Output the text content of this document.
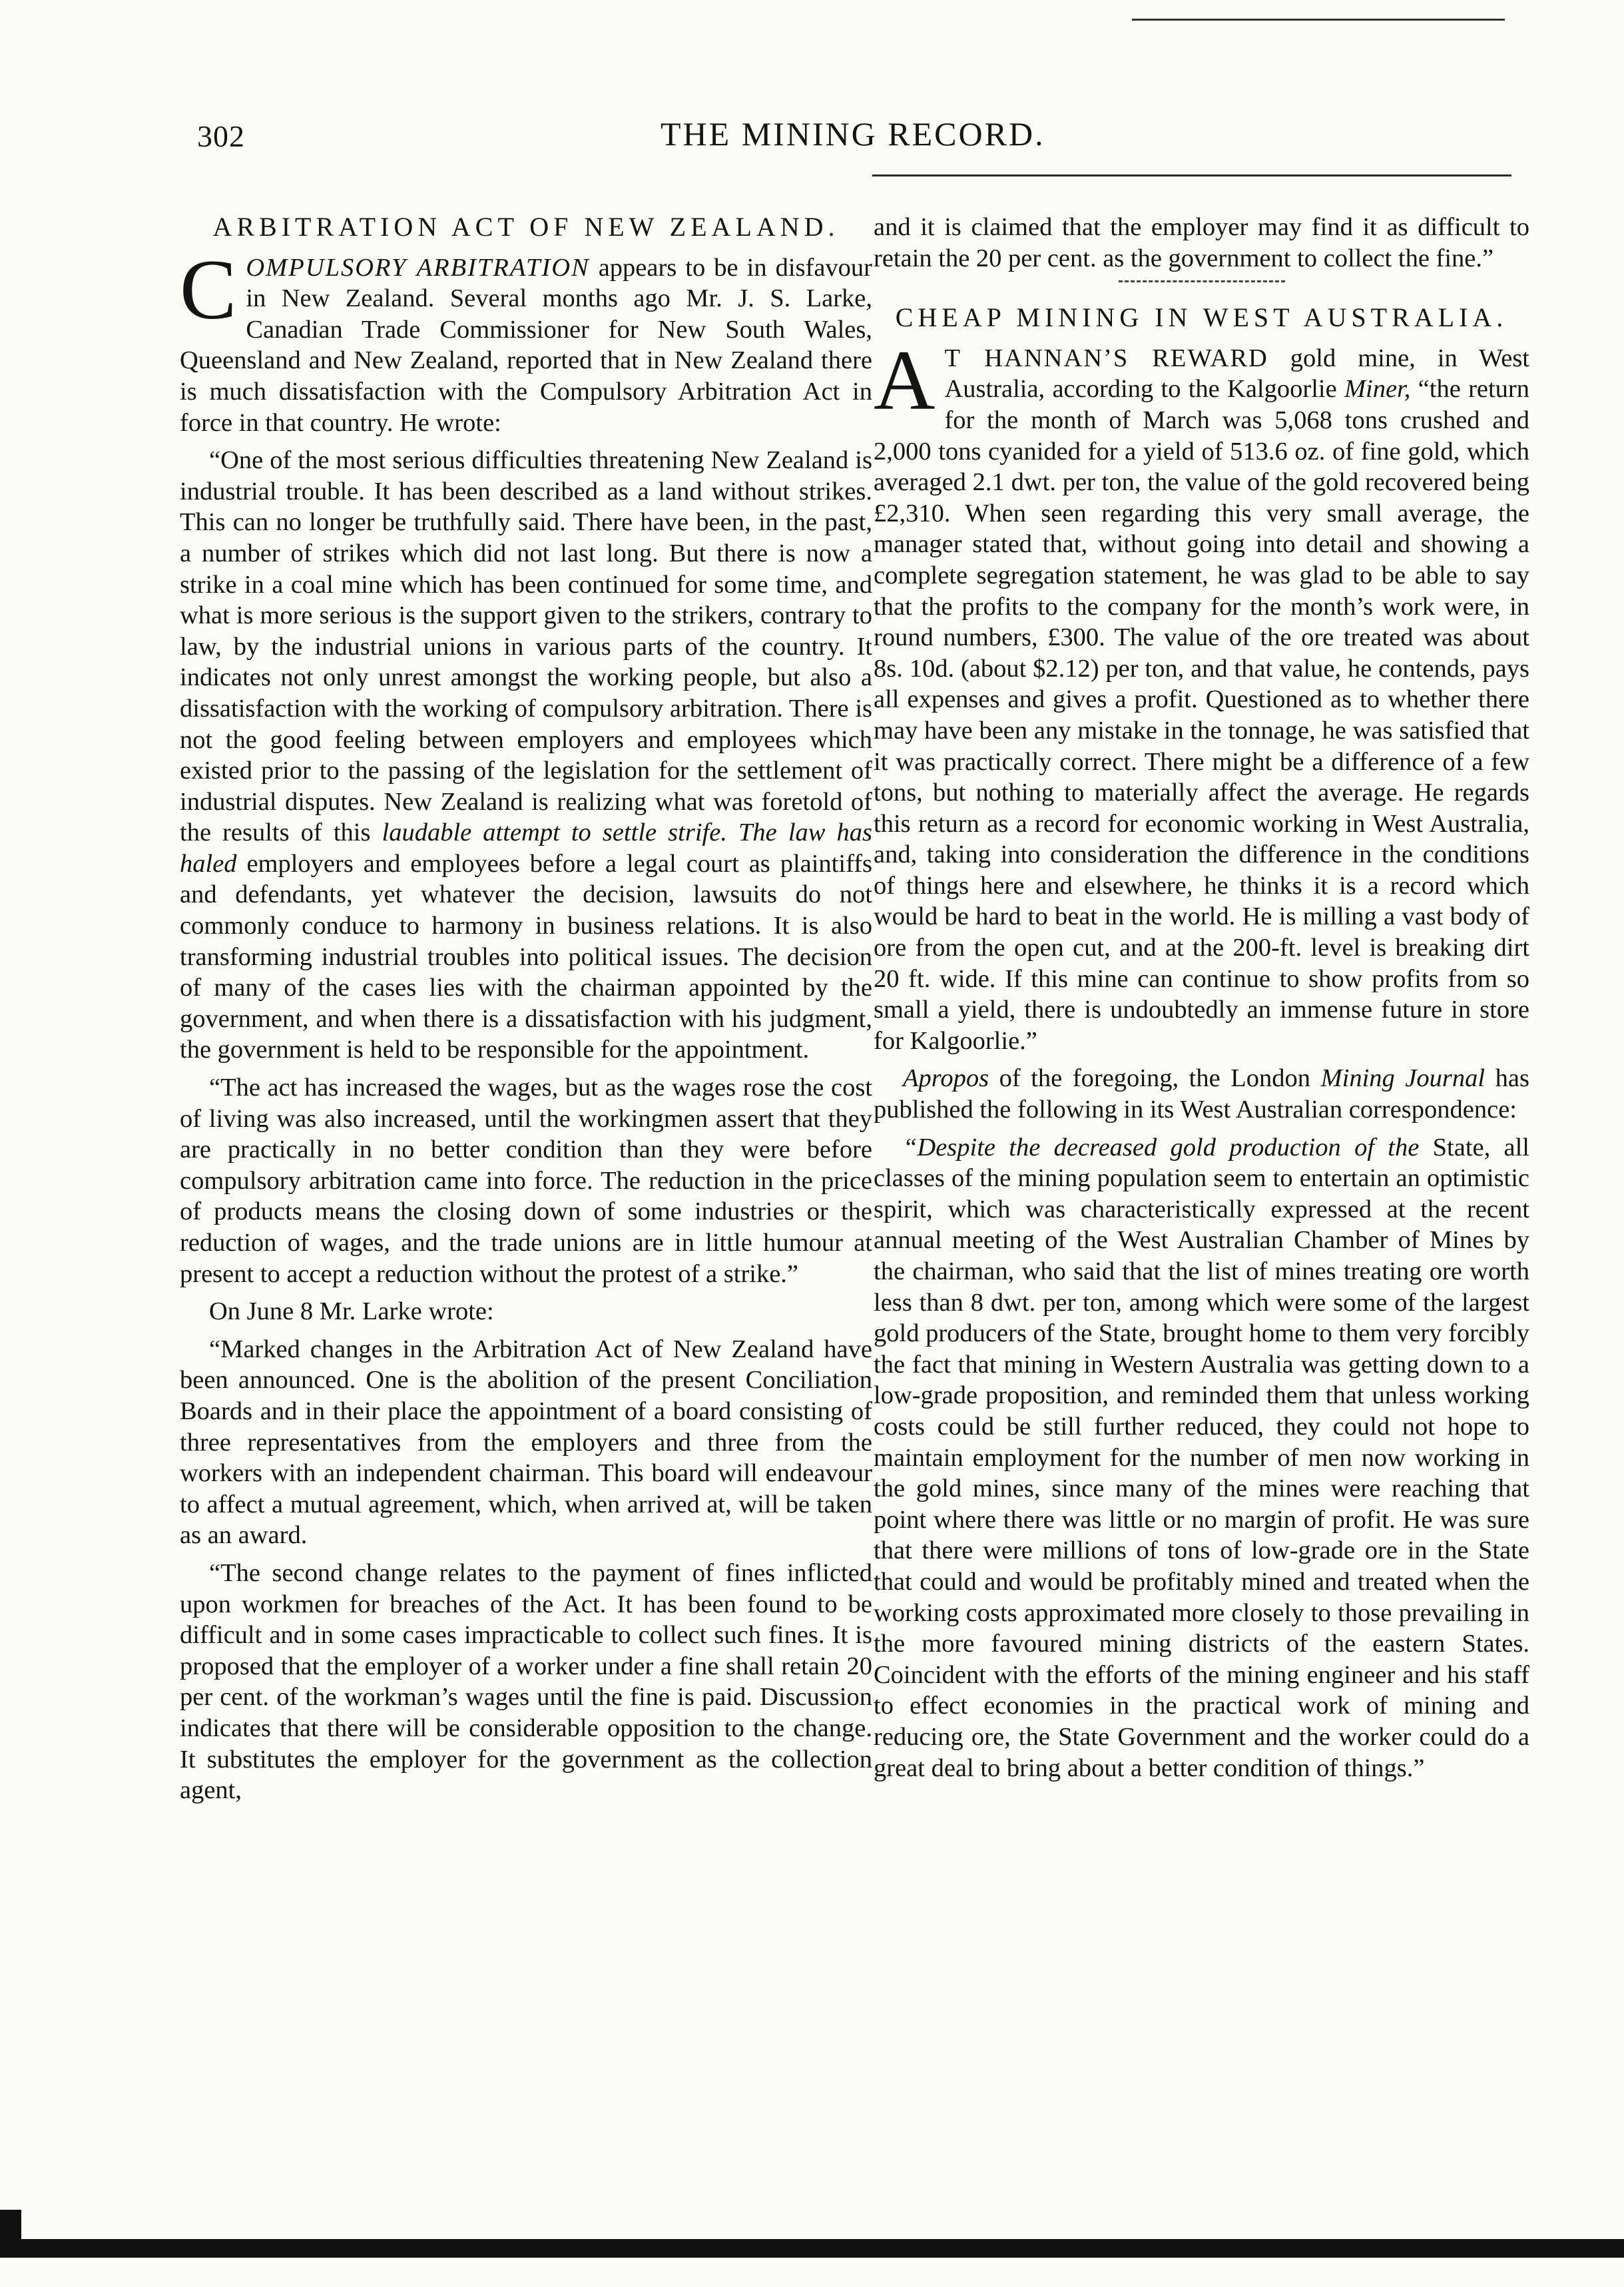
302	THE MINING RECORD.
ARBITRATION ACT OF NEW ZEALAND.

COMPULSORY ARBITRATION appears to be in disfavour in New Zealand. Several months ago Mr. J. S. Larke, Canadian Trade Commissioner for New South Wales, Queensland and New Zealand, reported that in New Zealand there is much dissatisfaction with the Compulsory Arbitration Act in force in that country. He wrote:

“One of the most serious difficulties threatening New Zealand is industrial trouble. It has been described as a land without strikes. This can no longer be truthfully said. There have been, in the past, a number of strikes which did not last long. But there is now a strike in a coal mine which has been continued for some time, and what is more serious is the support given to the strikers, contrary to law, by the industrial unions in various parts of the country. It indicates not only unrest amongst the working people, but also a dissatisfaction with the working of compulsory arbitration. There is not the good feeling between employers and employees which existed prior to the passing of the legislation for the settlement of industrial disputes. New Zealand is realizing what was foretold of the results of this laudable attempt to settle strife. The law has haled employers and employees before a legal court as plaintiffs and defendants, yet whatever the decision, lawsuits do not commonly conduce to harmony in business relations. It is also transforming industrial troubles into political issues. The decision of many of the cases lies with the chairman appointed by the government, and when there is a dissatisfaction with his judgment, the government is held to be responsible for the appointment.

“The act has increased the wages, but as the wages rose the cost of living was also increased, until the workingmen assert that they are practically in no better condition than they were before compulsory arbitration came into force. The reduction in the price of products means the closing down of some industries or the reduction of wages, and the trade unions are in little humour at present to accept a reduction without the protest of a strike.”

On June 8 Mr. Larke wrote:

“Marked changes in the Arbitration Act of New Zealand have been announced. One is the abolition of the present Conciliation Boards and in their place the appointment of a board consisting of three representatives from the employers and three from the workers with an independent chairman. This board will endeavour to affect a mutual agreement, which, when arrived at, will be taken as an award.

“The second change relates to the payment of fines inflicted upon workmen for breaches of the Act. It has been found to be difficult and in some cases impracticable to collect such fines. It is proposed that the employer of a worker under a fine shall retain 20 per cent. of the workman’s wages until the fine is paid. Discussion indicates that there will be considerable opposition to the change. It substitutes the employer for the government as the collection agent,

and it is claimed that the employer may find it as difficult to retain the 20 per cent. as the government to collect the fine.”

CHEAP MINING IN WEST AUSTRALIA.

A T HANNAN’S REWARD gold mine, in West Australia, according to the Kalgoorlie Miner, “the return for the month of March was 5,068 tons crushed and 2,000 tons cyanided for a yield of 513.6 oz. of fine gold, which averaged 2.1 dwt. per ton, the value of the gold recovered being £2,310. When seen regarding this very small average, the manager stated that, without going into detail and showing a complete segregation statement, he was glad to be able to say that the profits to the company for the month’s work were, in round numbers, £300. The value of the ore treated was about 8s. 10d. (about $2.12) per ton, and that value, he contends, pays all expenses and gives a profit. Questioned as to whether there may have been any mistake in the tonnage, he was satisfied that it was practically correct. There might be a difference of a few tons, but nothing to materially affect the average. He regards this return as a record for economic working in West Australia, and, taking into consideration the difference in the conditions of things here and elsewhere, he thinks it is a record which would be hard to beat in the world. He is milling a vast body of ore from the open cut, and at the 200-ft. level is breaking dirt 20 ft. wide. If this mine can continue to show profits from so small a yield, there is undoubtedly an immense future in store for Kalgoorlie.”

Apropos of the foregoing, the London Mining Journal has published the following in its West Australian correspondence:

“Despite the decreased gold production of the State, all classes of the mining population seem to entertain an optimistic spirit, which was characteristically expressed at the recent annual meeting of the West Australian Chamber of Mines by the chairman, who said that the list of mines treating ore worth less than 8 dwt. per ton, among which were some of the largest gold producers of the State, brought home to them very forcibly the fact that mining in Western Australia was getting down to a low-grade proposition, and reminded them that unless working costs could be still further reduced, they could not hope to maintain employment for the number of men now working in the gold mines, since many of the mines were reaching that point where there was little or no margin of profit. He was sure that there were millions of tons of low-grade ore in the State that could and would be profitably mined and treated when the working costs approximated more closely to those prevailing in the more favoured mining districts of the eastern States. Coincident with the efforts of the mining engineer and his staff to effect economies in the practical work of mining and reducing ore, the State Government and the worker could do a great deal to bring about a better condition of things.”
